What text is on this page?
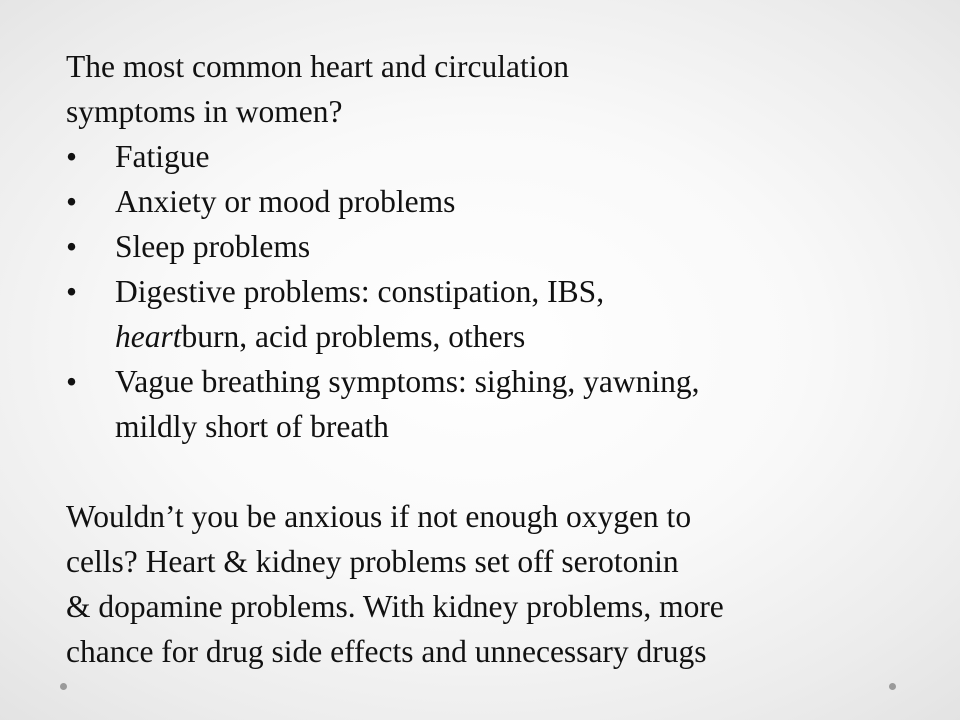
The most common heart and circulation

symptoms in women?

• Fatigue
• Anxiety or mood problems
• Sleep problems
• Digestive problems: constipation, IBS,
heartburn, acid problems, others
• Vague breathing symptoms: sighing, yawning,
mildly short of breath

Wouldn’t you be anxious if not enough oxygen to

cells? Heart & kidney problems set off serotonin

& dopamine problems. With kidney problems, more

chance for drug side effects and unnecessary drugs
